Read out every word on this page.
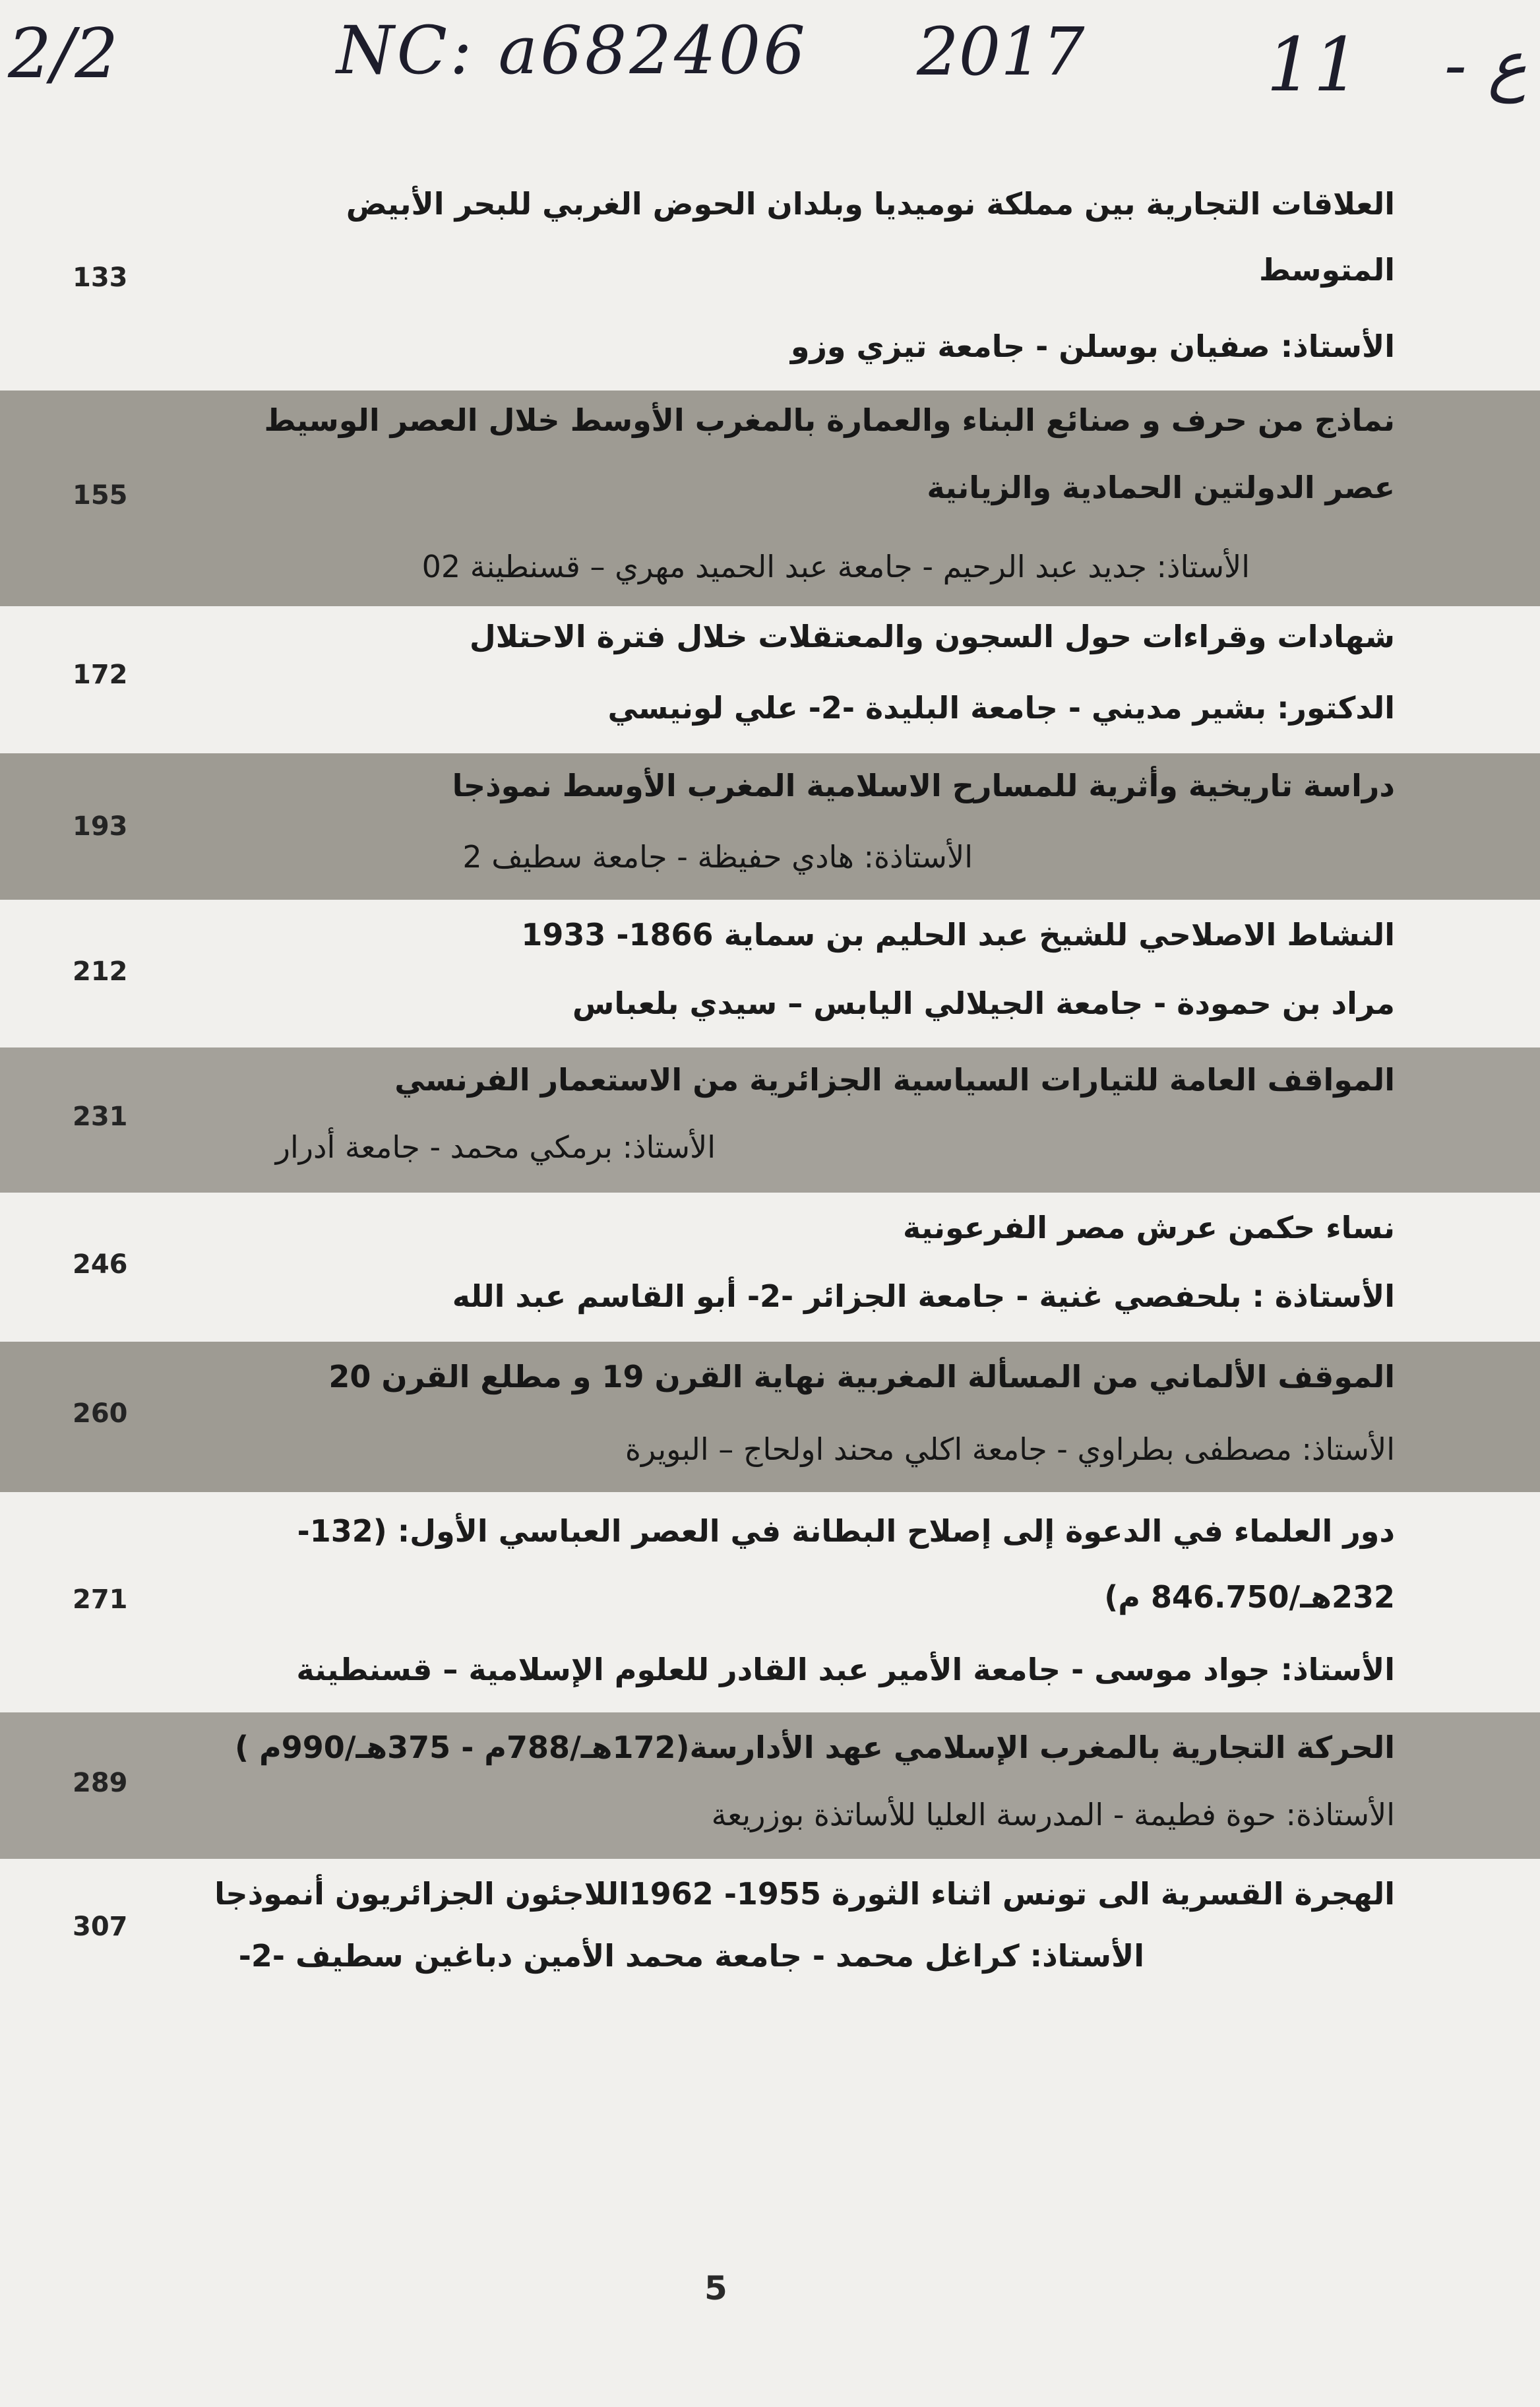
2/2	NC: a682406 2017 11 - ع
العلاقات التجارية بين مملكة نوميديا وبلدان الحوض الغربي للبحر الأبيض
المتوسط
133
الأستاذ: صفيان بوسلن - جامعة تيزي وزو
نماذج من حرف و صنائع البناء والعمارة بالمغرب الأوسط خلال العصر الوسيط
عصر الدولتين الحمادية والزيانية
155
الأستاذ: جديد عبد الرحيم - جامعة عبد الحميد مهري – قسنطينة 02
شهادات وقراءات حول السجون والمعتقلات خلال فترة الاحتلال
172
الدكتور: بشير مديني - جامعة البليدة -2- علي لونيسي
دراسة تاريخية وأثرية للمسارح الاسلامية المغرب الأوسط نموذجا
193
الأستاذة: هادي حفيظة - جامعة سطيف 2
النشاط الاصلاحي للشيخ عبد الحليم بن سماية 1866- 1933
212
مراد بن حمودة - جامعة الجيلالي اليابس – سيدي بلعباس
المواقف العامة للتيارات السياسية الجزائرية من الاستعمار الفرنسي
231
الأستاذ: برمكي محمد - جامعة أدرار
نساء حكمن عرش مصر الفرعونية
246
الأستاذة : بلحفصي غنية - جامعة الجزائر -2- أبو القاسم عبد الله
الموقف الألماني من المسألة المغربية نهاية القرن 19 و مطلع القرن 20
260
الأستاذ: مصطفى بطراوي - جامعة اكلي محند اولحاج – البويرة
دور العلماء في الدعوة إلى إصلاح البطانة في العصر العباسي الأول: (132-
232هـ/846.750 م)
271
الأستاذ: جواد موسى - جامعة الأمير عبد القادر للعلوم الإسلامية – قسنطينة
الحركة التجارية بالمغرب الإسلامي عهد الأدارسة(172هـ/788م - 375هـ/990م )
289
الأستاذة: حوة فطيمة - المدرسة العليا للأساتذة بوزريعة
الهجرة القسرية الى تونس اثناء الثورة 1955- 1962اللاجئون الجزائريون أنموذجا
307
الأستاذ: كراغل محمد - جامعة محمد الأمين دباغين سطيف -2-
5
